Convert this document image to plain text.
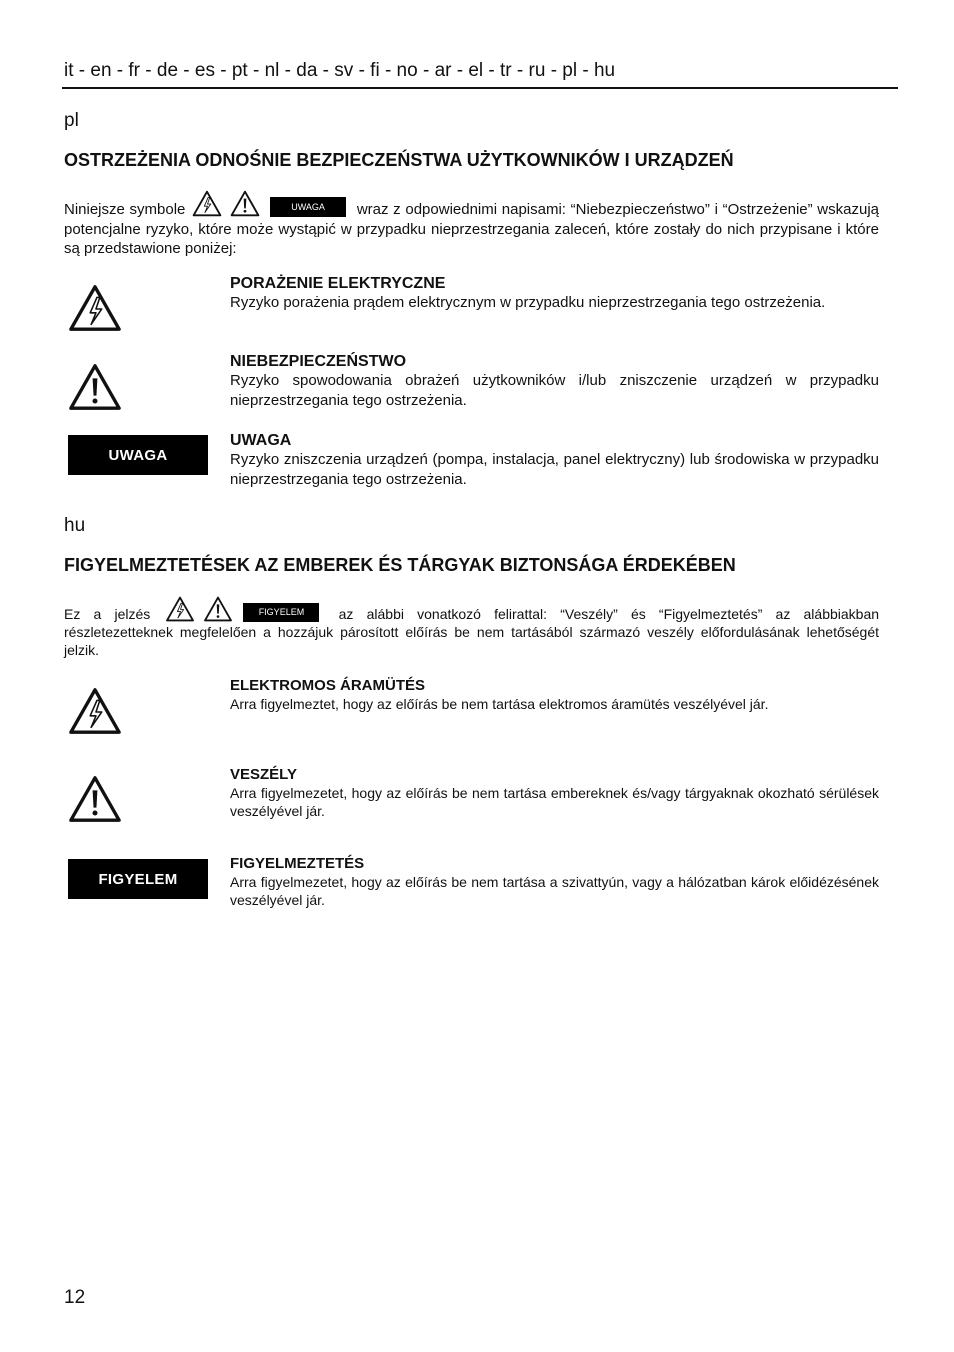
it - en - fr - de - es - pt - nl - da - sv - fi - no - ar - el - tr - ru - pl - hu
pl
OSTRZEŻENIA ODNOŚNIE BEZPIECZEŃSTWA UŻYTKOWNIKÓW I URZĄDZEŃ
Niniejsze symbole	UWAGA wraz z odpowiednimi napisami: “Niebezpieczeństwo” i “Ostrzeżenie” wskazują potencjalne ryzyko, które może wystąpić w przypadku nieprzestrzegania zaleceń, które zostały do nich przypisane i które są przedstawione poniżej:
PORAŻENIE ELEKTRYCZNE
Ryzyko porażenia prądem elektrycznym w przypadku nieprzestrzegania tego ostrzeżenia.
NIEBEZPIECZEŃSTWO
Ryzyko spowodowania obrażeń użytkowników i/lub zniszczenie urządzeń w przypadku nieprzestrzegania tego ostrzeżenia.
UWAGA
UWAGA
Ryzyko zniszczenia urządzeń (pompa, instalacja, panel elektryczny) lub środowiska w przypadku nieprzestrzegania tego ostrzeżenia.
hu
FIGYELMEZTETÉSEK AZ EMBEREK ÉS TÁRGYAK BIZTONSÁGA ÉRDEKÉBEN
Ez a jelzés	FIGYELEM az alábbi vonatkozó felirattal: “Veszély” és “Figyelmeztetés” az alábbiakban részletezetteknek megfelelően a hozzájuk párosított előírás be nem tartásából származó veszély előfordulásának lehetőségét jelzik.
ELEKTROMOS ÁRAMÜTÉS
Arra figyelmeztet, hogy az előírás be nem tartása elektromos áramütés veszélyével jár.
VESZÉLY
Arra figyelmezetet, hogy az előírás be nem tartása embereknek és/vagy tárgyaknak okozható sérülések veszélyével jár.
FIGYELEM
FIGYELMEZTETÉS
Arra figyelmezetet, hogy az előírás be nem tartása a szivattyún, vagy a hálózatban károk előidézésének veszélyével jár.
12
